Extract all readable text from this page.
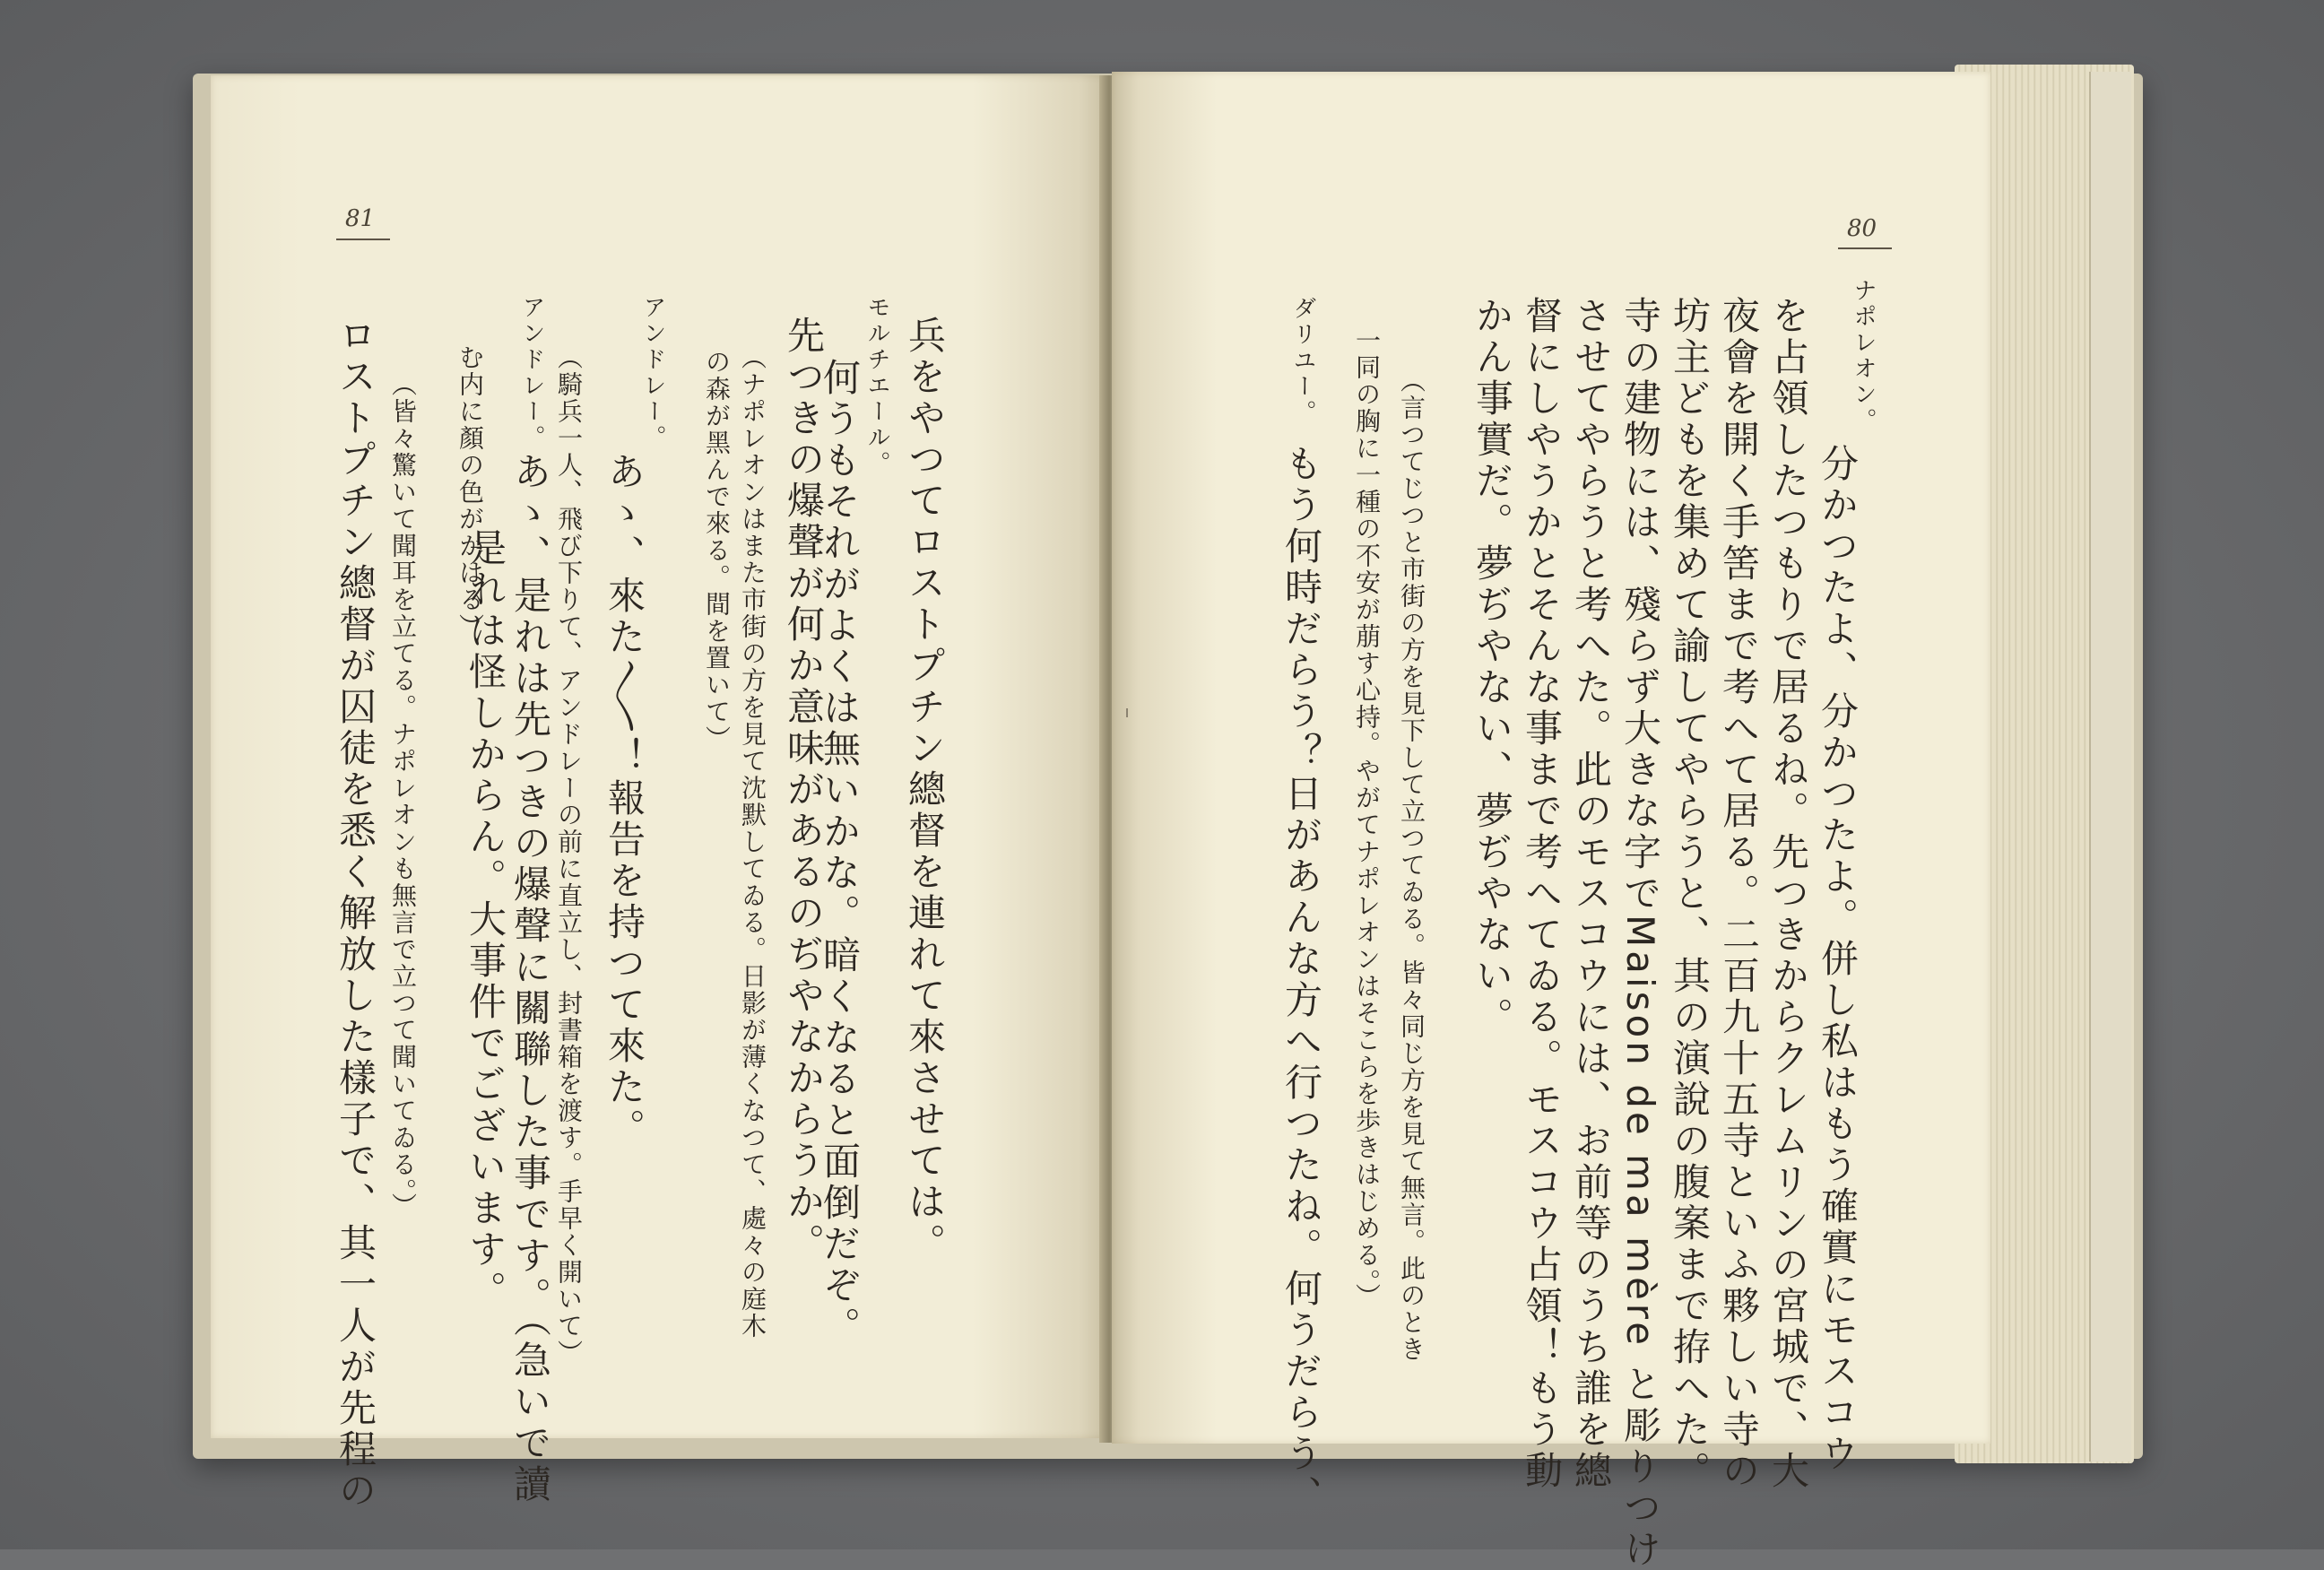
81
兵をやつてロストプチン總督を連れて來させては。
モルチエール。
何うもそれがよくは無いかな。暗くなると面倒だぞ。
先つきの爆聲が何か意味があるのぢやなからうか。
（ナポレオンはまた市街の方を見て沈默してゐる。日影が薄くなつて、處々の庭木
の森が黑んで來る。間を置いて）
アンドレー。
あゝ、來た〳〵！報告を持つて來た。
（騎兵一人、飛び下りて、アンドレーの前に直立し、封書箱を渡す。手早く開いて）
アンドレー。
あゝ、是れは先つきの爆聲に關聯した事です。（急いで讀
む内に顏の色がかはる）
是れは怪しからん。大事件でございます。
（皆々驚いて聞耳を立てる。ナポレオンも無言で立つて聞いてゐる。）
ロストプチン總督が囚徒を悉く解放した樣子で、其一人が先程の
80
ナポレオン。
分かつたよ、分かつたよ。併し私はもう確實にモスコウ
を占領したつもりで居るね。先つきからクレムリンの宮城で、大
夜會を開く手筈まで考へて居る。二百九十五寺といふ夥しい寺の
坊主どもを集めて諭してやらうと、其の演說の腹案まで拵へた。
寺の建物には、殘らず大きな字でMaison de ma mère と彫りつけ
させてやらうと考へた。此のモスコウには、お前等のうち誰を總
督にしやうかとそんな事まで考へてゐる。モスコウ占領！もう動
かん事實だ。夢ぢやない、夢ぢやない。
（言つてじつと市街の方を見下して立つてゐる。皆々同じ方を見て無言。此のとき
一同の胸に一種の不安が萠す心持。やがてナポレオンはそこらを歩きはじめる。）
ダリユー。
もう何時だらう？日があんな方へ行つたね。何うだらう、
